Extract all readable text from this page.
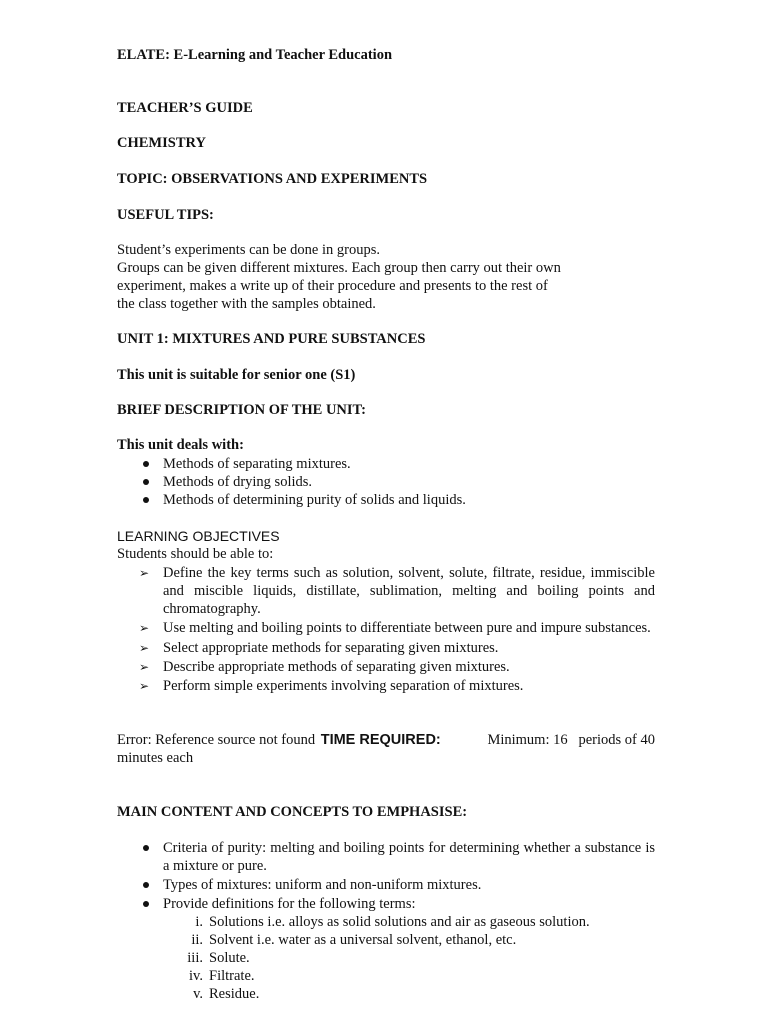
ELATE: E-Learning and Teacher Education

TEACHER’S GUIDE

CHEMISTRY

TOPIC: OBSERVATIONS AND EXPERIMENTS

USEFUL TIPS:

Student’s experiments can be done in groups.

Groups can be given different mixtures. Each group then carry out their own experiment, makes a write up of their procedure and presents to the rest of the class together with the samples obtained.

UNIT 1: MIXTURES AND PURE SUBSTANCES

This unit is suitable for senior one (S1)

BRIEF DESCRIPTION OF THE UNIT:

This unit deals with:

Methods of separating mixtures.
Methods of drying solids.
Methods of determining purity of solids and liquids.

LEARNING OBJECTIVES

Students should be able to:

➢ Define the key terms such as solution, solvent, solute, filtrate, residue, immiscible and miscible liquids, distillate, sublimation, melting and boiling points and chromatography.
➢ Use melting and boiling points to differentiate between pure and impure substances.
➢ Select appropriate methods for separating given mixtures.
➢ Describe appropriate methods of separating given mixtures.
➢ Perform simple experiments involving separation of mixtures.

Error: Reference source not found TIME REQUIRED:	Minimum: 16   periods of 40

minutes each

MAIN CONTENT AND CONCEPTS TO EMPHASISE:

Criteria of purity: melting and boiling points for determining whether a substance is a mixture or pure.
Types of mixtures: uniform and non-uniform mixtures.
Provide definitions for the following terms:
i. Solutions i.e. alloys as solid solutions and air as gaseous solution.
ii. Solvent i.e. water as a universal solvent, ethanol, etc.
iii. Solute.
iv. Filtrate.
v. Residue.
